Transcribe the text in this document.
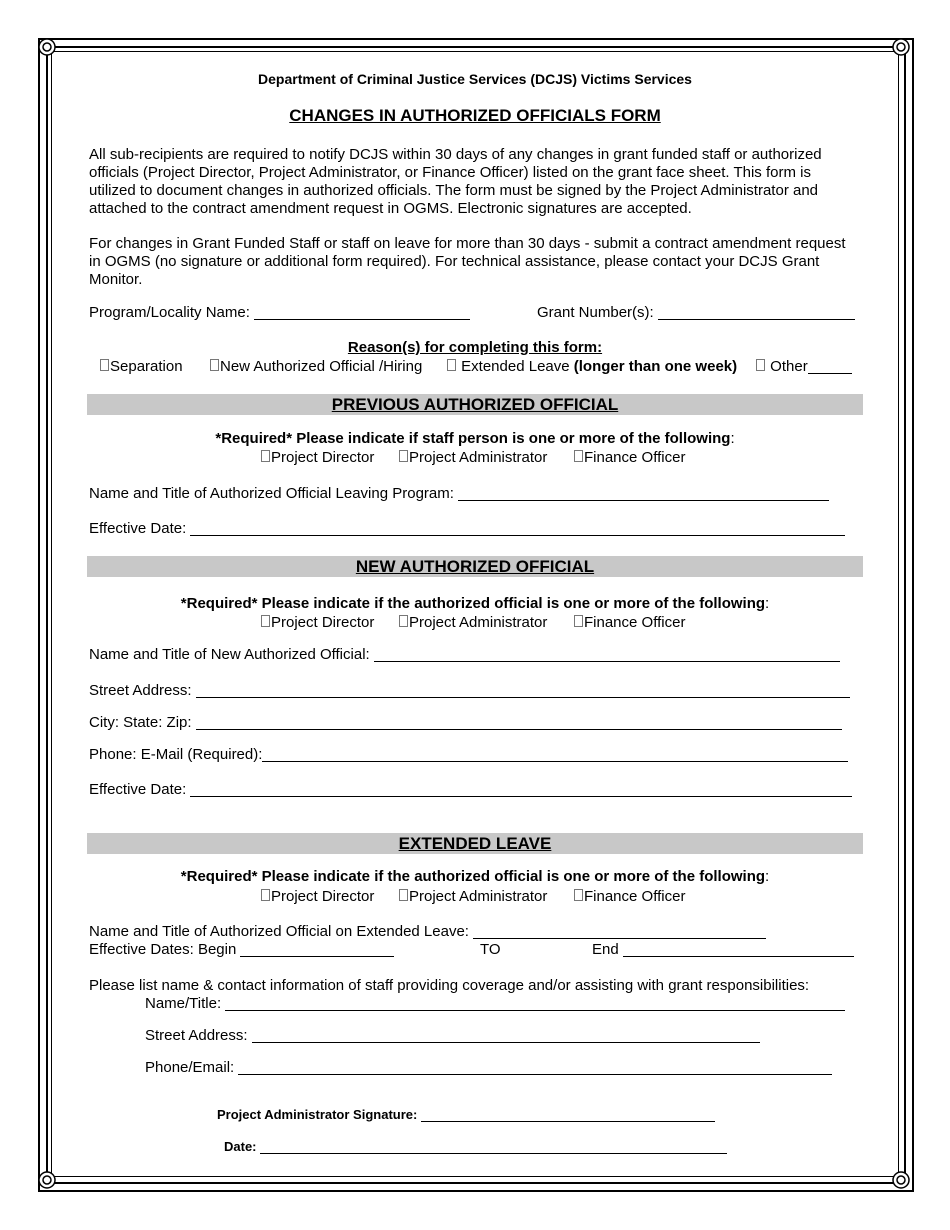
Department of Criminal Justice Services (DCJS) Victims Services
CHANGES IN AUTHORIZED OFFICIALS FORM
All sub-recipients are required to notify DCJS within 30 days of any changes in grant funded staff or authorized officials (Project Director, Project Administrator, or Finance Officer) listed on the grant face sheet. This form is utilized to document changes in authorized officials. The form must be signed by the Project Administrator and attached to the contract amendment request in OGMS. Electronic signatures are accepted.
For changes in Grant Funded Staff or staff on leave for more than 30 days - submit a contract amendment request in OGMS (no signature or additional form required). For technical assistance, please contact your DCJS Grant Monitor.
Program/Locality Name:	Grant Number(s):
Reason(s) for completing this form:
Separation	New Authorized Official /Hiring	Extended Leave (longer than one week)	Other
PREVIOUS AUTHORIZED OFFICIAL
*Required* Please indicate if staff person is one or more of the following:
Project Director	Project Administrator	Finance Officer
Name and Title of Authorized Official Leaving Program:
Effective Date:
NEW AUTHORIZED OFFICIAL
*Required* Please indicate if the authorized official is one or more of the following:
Project Director	Project Administrator	Finance Officer
Name and Title of New Authorized Official:
Street Address:
City: State: Zip:
Phone: E-Mail (Required):
Effective Date:
EXTENDED LEAVE
*Required* Please indicate if the authorized official is one or more of the following:
Project Director	Project Administrator	Finance Officer
Name and Title of Authorized Official on Extended Leave:
Effective Dates: Begin	TO	End
Please list name & contact information of staff providing coverage and/or assisting with grant responsibilities:
Name/Title:
Street Address:
Phone/Email:
Project Administrator Signature:
Date:
